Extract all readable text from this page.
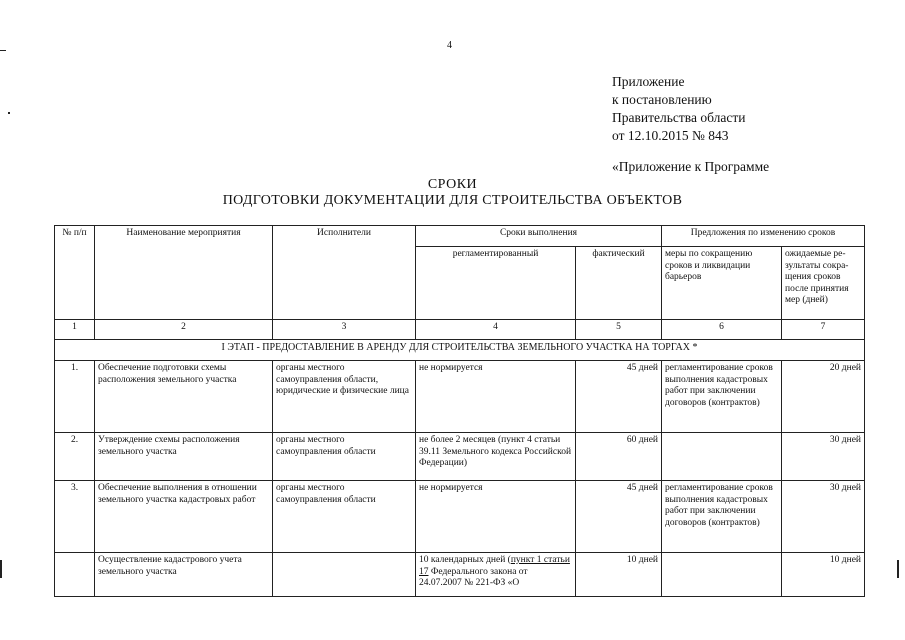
4
Приложение
к постановлению
Правительства области
от 12.10.2015 № 843
«Приложение к Программе
СРОКИ
ПОДГОТОВКИ ДОКУМЕНТАЦИИ ДЛЯ СТРОИТЕЛЬСТВА ОБЪЕКТОВ
№ п/п	Наименование мероприятия	Исполнители	Сроки выполнения		Предложения по изменению сроков	
			регламентированный	фактический	меры по сокращению сроков и ликвидации барьеров	ожидаемые ре-зультаты сокра-щения сроков после принятия мер (дней)
1	2	3	4	5	6	7
I ЭТАП - ПРЕДОСТАВЛЕНИЕ В АРЕНДУ ДЛЯ СТРОИТЕЛЬСТВА ЗЕМЕЛЬНОГО УЧАСТКА НА ТОРГАХ *						
1.	Обеспечение подготовки схемы расположения земельного участка	органы местного самоуправления области, юридические и физические лица	не нормируется	45 дней	регламентирование сроков выполнения кадастровых работ при заключении договоров (контрактов)	20 дней
2.	Утверждение схемы расположения земельного участка	органы местного самоуправления области	не более 2 месяцев (пункт 4 статьи 39.11 Земельного кодекса Российской Федерации)	60 дней		30 дней
3.	Обеспечение выполнения в отношении земельного участка кадастровых работ	органы местного самоуправления области	не нормируется	45 дней	регламентирование сроков выполнения кадастровых работ при заключении договоров (контрактов)	30 дней
	Осуществление кадастрового учета земельного участка		10 календарных дней (пункт 1 статьи 17 Федерального закона от 24.07.2007 № 221-ФЗ «О	10 дней		10 дней
